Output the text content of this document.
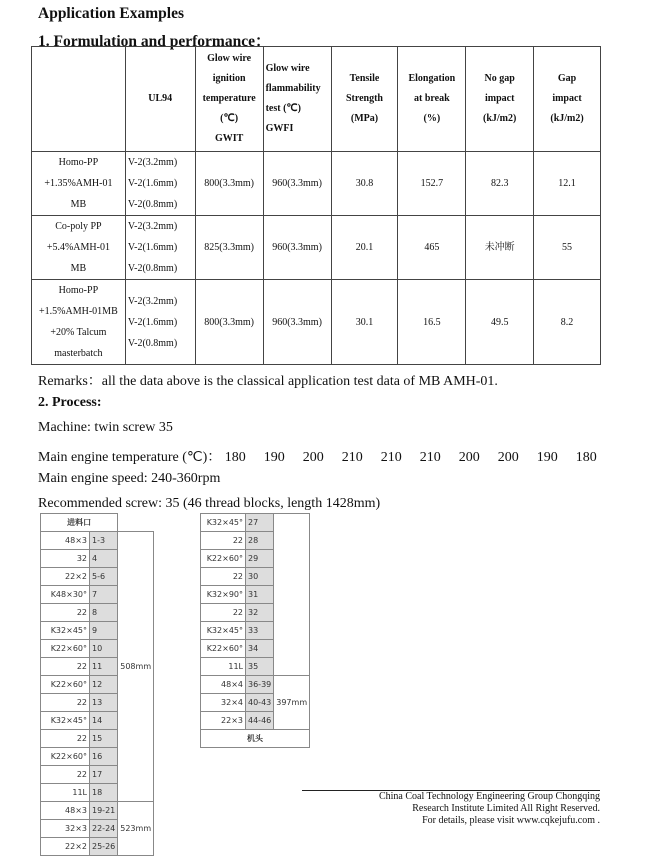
Application Examples
1. Formulation and performance：
	UL94	Glow wire
ignition
temperature
(℃)
GWIT	Glow wire
flammability
test (℃)
GWFI	Tensile
Strength
(MPa)	Elongation
at break
(%)	No gap
impact
(kJ/m2)	Gap
impact
(kJ/m2)
Homo-PP
+1.35%AMH-01
MB	V-2(3.2mm)
V-2(1.6mm)
V-2(0.8mm)	800(3.3mm)	960(3.3mm)	30.8	152.7	82.3	12.1
Co-poly PP
+5.4%AMH-01
MB	V-2(3.2mm)
V-2(1.6mm)
V-2(0.8mm)	825(3.3mm)	960(3.3mm)	20.1	465	未冲断	55
Homo-PP
+1.5%AMH-01MB
+20% Talcum
masterbatch	V-2(3.2mm)
V-2(1.6mm)
V-2(0.8mm)	800(3.3mm)	960(3.3mm)	30.1	16.5	49.5	8.2
Remarks：all the data above is the classical application test data of MB AMH-01.
2. Process:
Machine: twin screw 35
Main engine temperature (℃)： 180 190 200 210 210 210 200 200 190 180
Main engine speed: 240-360rpm
Recommended screw: 35 (46 thread blocks, length 1428mm)
进料口		
48×3	1-3	508mm
32	4	
22×2	5-6	
K48×30°	7	
22	8	
K32×45°	9	
K22×60°	10	
22	11	
K22×60°	12	
22	13	
K32×45°	14	
22	15	
K22×60°	16	
22	17	
11L	18	
48×3	19-21	523mm
32×3	22-24	
22×2	25-26	
K32×45°	27	
22	28	
K22×60°	29	
22	30	
K32×90°	31	
22	32	
K32×45°	33	
K22×60°	34	
11L	35	
48×4	36-39	397mm
32×4	40-43	
22×3	44-46	
机头		
China Coal Technology Engineering Group Chongqing
Research Institute Limited All Right Reserved.
For details, please visit www.cqkejufu.com .
